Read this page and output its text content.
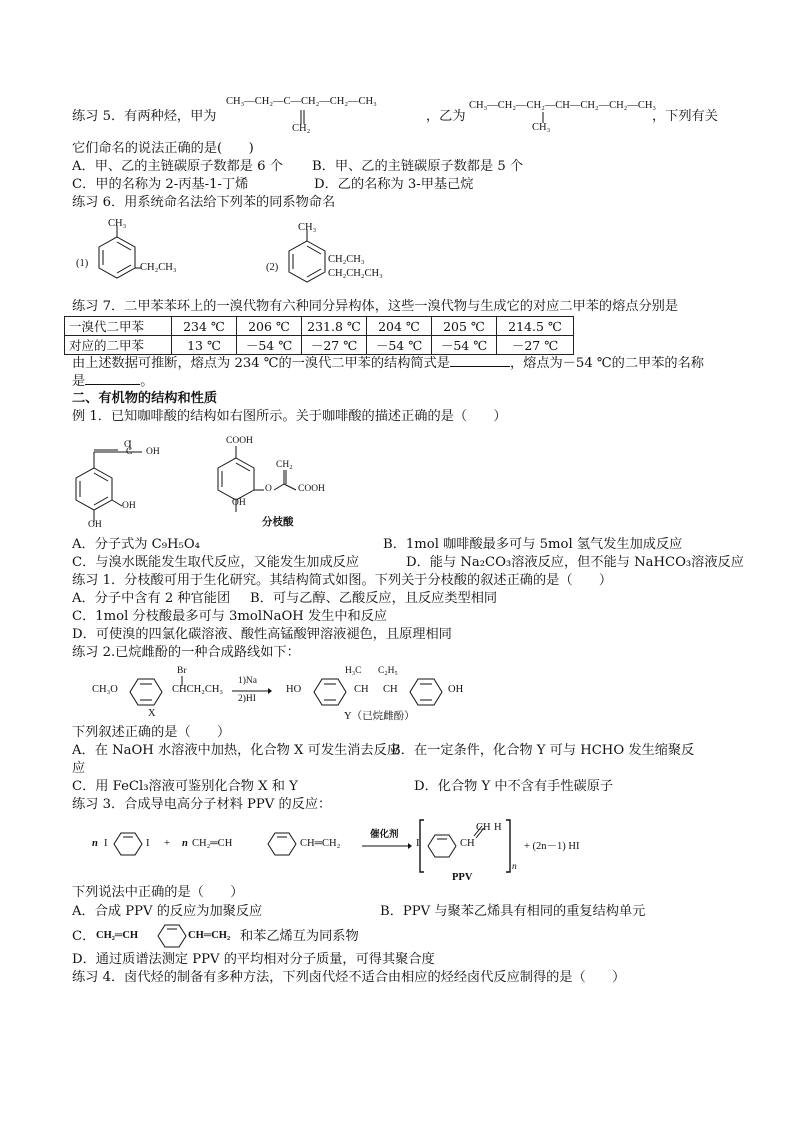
练习 5．有两种烃，甲为
CH₃—CH₂—C—CH₂—CH₂—CH₃
CH₂
，乙为
CH₃—CH₂—CH₂—CH—CH₂—CH₂—CH₃
CH₃
，下列有关
它们命名的说法正确的是(　　)
A．甲、乙的主链碳原子数都是 6 个 B．甲、乙的主链碳原子数都是 5 个
C．甲的名称为 2-丙基-1-丁烯	D．乙的名称为 3-甲基己烷
练习 6．用系统命名法给下列苯的同系物命名
(1)
CH₃
CH₂CH₃	(2)
CH₃
CH₂CH₃
CH₂CH₂CH₃
练习 7．二甲苯苯环上的一溴代物有六种同分异构体，这些一溴代物与生成它的对应二甲苯的熔点分别是
一溴代二甲苯	234 ℃	206 ℃	231.8 ℃	204 ℃	205 ℃	214.5 ℃
对应的二甲苯	13 ℃	－54 ℃	－27 ℃	－54 ℃	－54 ℃	－27 ℃
由上述数据可推断，熔点为 234 ℃的一溴代二甲苯的结构简式是	，熔点为－54 ℃的二甲苯的名称
是	。
二、有机物的结构和性质
例 1．已知咖啡酸的结构如右图所示。关于咖啡酸的描述正确的是（　　）
O
C OH
OH
OH
COOH
CH₂
O	COOH
OH
分枝酸
A．分子式为 C₉H₅O₄	B．1mol 咖啡酸最多可与 5mol 氢气发生加成反应
C．与溴水既能发生取代反应，又能发生加成反应	D．能与 Na₂CO₃溶液反应，但不能与 NaHCO₃溶液反应
练习 1．分枝酸可用于生化研究。其结构简式如图。下列关于分枝酸的叙述正确的是（　　）
A．分子中含有 2 种官能团 B．可与乙醇、乙酸反应，且反应类型相同
C．1mol 分枝酸最多可与 3molNaOH 发生中和反应
D．可使溴的四氯化碳溶液、酸性高锰酸钾溶液褪色，且原理相同
练习 2.已烷雌酚的一种合成路线如下：
CH₃O
Br
CHCH₂CH₃
1)Na
2)HI
HO
H₃C C₂H₅
CH CH	OH
X	Y（已烷雌酚）
下列叙述正确的是（　　）
A．在 NaOH 水溶液中加热，化合物 X 可发生消去反应
B．在一定条件，化合物 Y 可与 HCHO 发生缩聚反
应
C．用 FeCl₃溶液可鉴别化合物 X 和 Y	D．化合物 Y 中不含有手性碳原子
练习 3．合成导电高分子材料 PPV 的反应：
n I	I + n CH₂═CH	CH═CH₂
催化剂
→ I	CH
CH H
n
+ (2n－1) HI
PPV
下列说法中正确的是（　　）
A．合成 PPV 的反应为加聚反应	B．PPV 与聚苯乙烯具有相同的重复结构单元
C． CH₂═CH	CH═CH₂ 和苯乙烯互为同系物
D．通过质谱法测定 PPV 的平均相对分子质量，可得其聚合度
练习 4．卤代烃的制备有多种方法，下列卤代烃不适合由相应的烃经卤代反应制得的是（　　）
